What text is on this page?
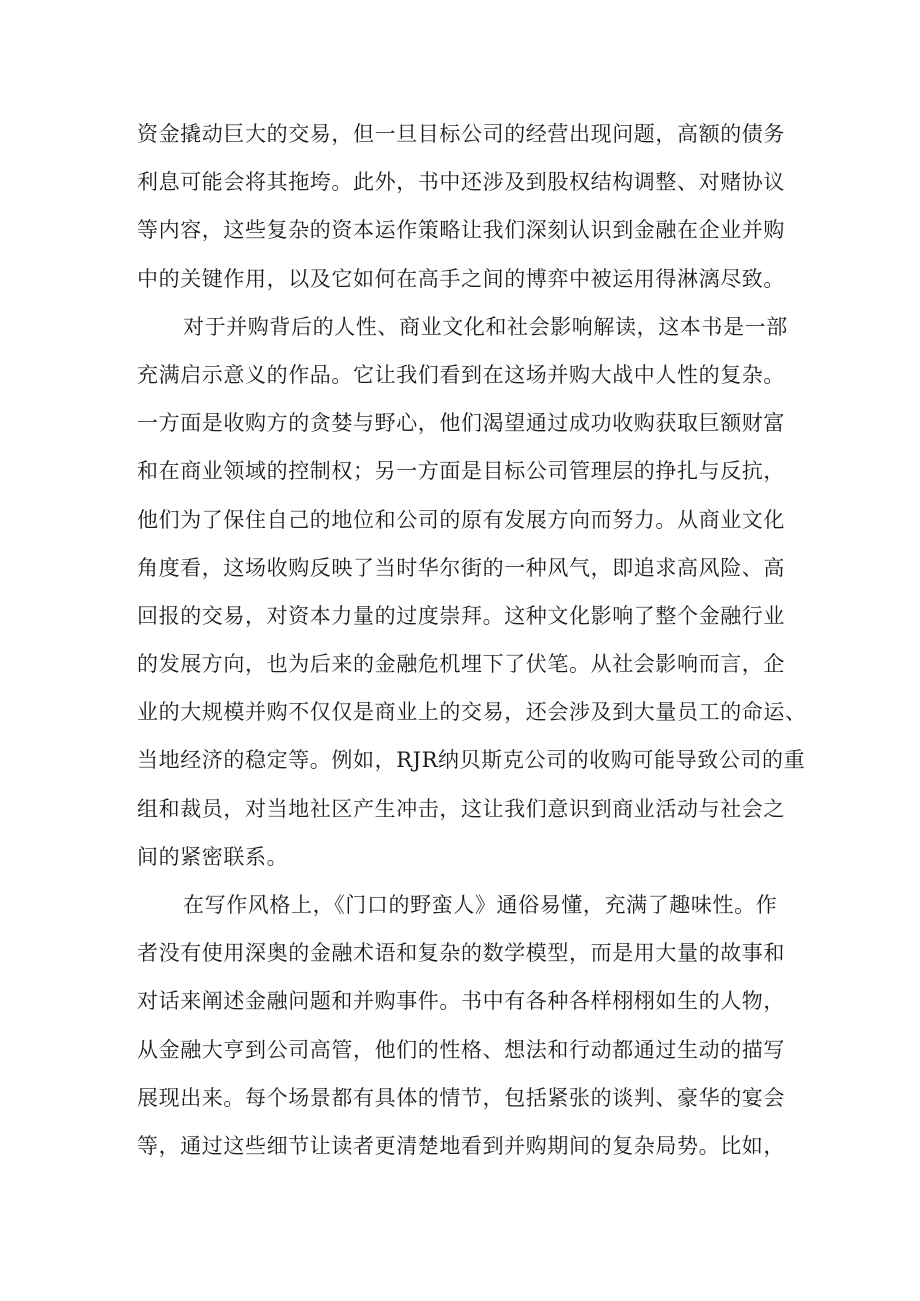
资金撬动巨大的交易，但一旦目标公司的经营出现问题，高额的债务
利息可能会将其拖垮。此外，书中还涉及到股权结构调整、对赌协议
等内容，这些复杂的资本运作策略让我们深刻认识到金融在企业并购
中的关键作用，以及它如何在高手之间的博弈中被运用得淋漓尽致。
对于并购背后的人性、商业文化和社会影响解读，这本书是一部
充满启示意义的作品。它让我们看到在这场并购大战中人性的复杂。
一方面是收购方的贪婪与野心，他们渴望通过成功收购获取巨额财富
和在商业领域的控制权；另一方面是目标公司管理层的挣扎与反抗，
他们为了保住自己的地位和公司的原有发展方向而努力。从商业文化
角度看，这场收购反映了当时华尔街的一种风气，即追求高风险、高
回报的交易，对资本力量的过度崇拜。这种文化影响了整个金融行业
的发展方向，也为后来的金融危机埋下了伏笔。从社会影响而言，企
业的大规模并购不仅仅是商业上的交易，还会涉及到大量员工的命运、
当地经济的稳定等。例如，RJR纳贝斯克公司的收购可能导致公司的重
组和裁员，对当地社区产生冲击，这让我们意识到商业活动与社会之
间的紧密联系。
在写作风格上，《门口的野蛮人》通俗易懂，充满了趣味性。作
者没有使用深奥的金融术语和复杂的数学模型，而是用大量的故事和
对话来阐述金融问题和并购事件。书中有各种各样栩栩如生的人物，
从金融大亨到公司高管，他们的性格、想法和行动都通过生动的描写
展现出来。每个场景都有具体的情节，包括紧张的谈判、豪华的宴会
等，通过这些细节让读者更清楚地看到并购期间的复杂局势。比如，
